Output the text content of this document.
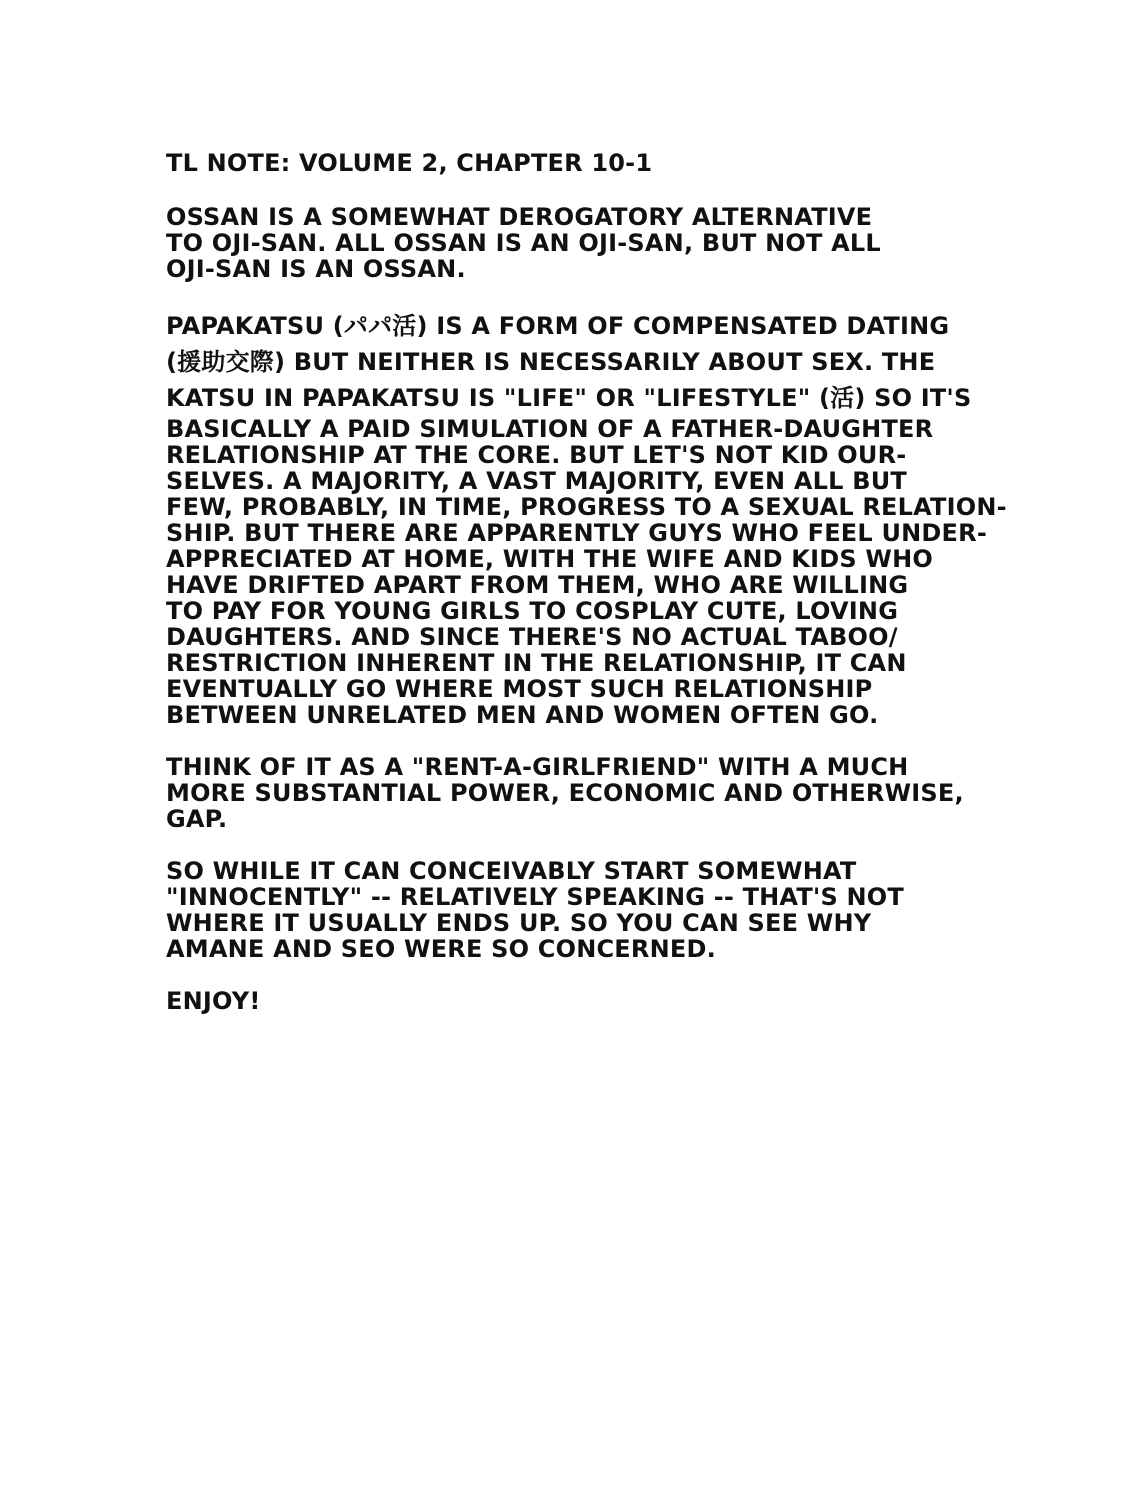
TL NOTE: VOLUME 2, CHAPTER 10-1
OSSAN IS A SOMEWHAT DEROGATORY ALTERNATIVE
TO OJI-SAN. ALL OSSAN IS AN OJI-SAN, BUT NOT ALL
OJI-SAN IS AN OSSAN.
PAPAKATSU (パパ活) IS A FORM OF COMPENSATED DATING
(援助交際) BUT NEITHER IS NECESSARILY ABOUT SEX. THE
KATSU IN PAPAKATSU IS "LIFE" OR "LIFESTYLE" (活) SO IT'S
BASICALLY A PAID SIMULATION OF A FATHER-DAUGHTER
RELATIONSHIP AT THE CORE. BUT LET'S NOT KID OUR-
SELVES. A MAJORITY, A VAST MAJORITY, EVEN ALL BUT
FEW, PROBABLY, IN TIME, PROGRESS TO A SEXUAL RELATION-
SHIP. BUT THERE ARE APPARENTLY GUYS WHO FEEL UNDER-
APPRECIATED AT HOME, WITH THE WIFE AND KIDS WHO
HAVE DRIFTED APART FROM THEM, WHO ARE WILLING
TO PAY FOR YOUNG GIRLS TO COSPLAY CUTE, LOVING
DAUGHTERS. AND SINCE THERE'S NO ACTUAL TABOO/
RESTRICTION INHERENT IN THE RELATIONSHIP, IT CAN
EVENTUALLY GO WHERE MOST SUCH RELATIONSHIP
BETWEEN UNRELATED MEN AND WOMEN OFTEN GO.
THINK OF IT AS A "RENT-A-GIRLFRIEND" WITH A MUCH
MORE SUBSTANTIAL POWER, ECONOMIC AND OTHERWISE,
GAP.
SO WHILE IT CAN CONCEIVABLY START SOMEWHAT
"INNOCENTLY" -- RELATIVELY SPEAKING -- THAT'S NOT
WHERE IT USUALLY ENDS UP. SO YOU CAN SEE WHY
AMANE AND SEO WERE SO CONCERNED.
ENJOY!
